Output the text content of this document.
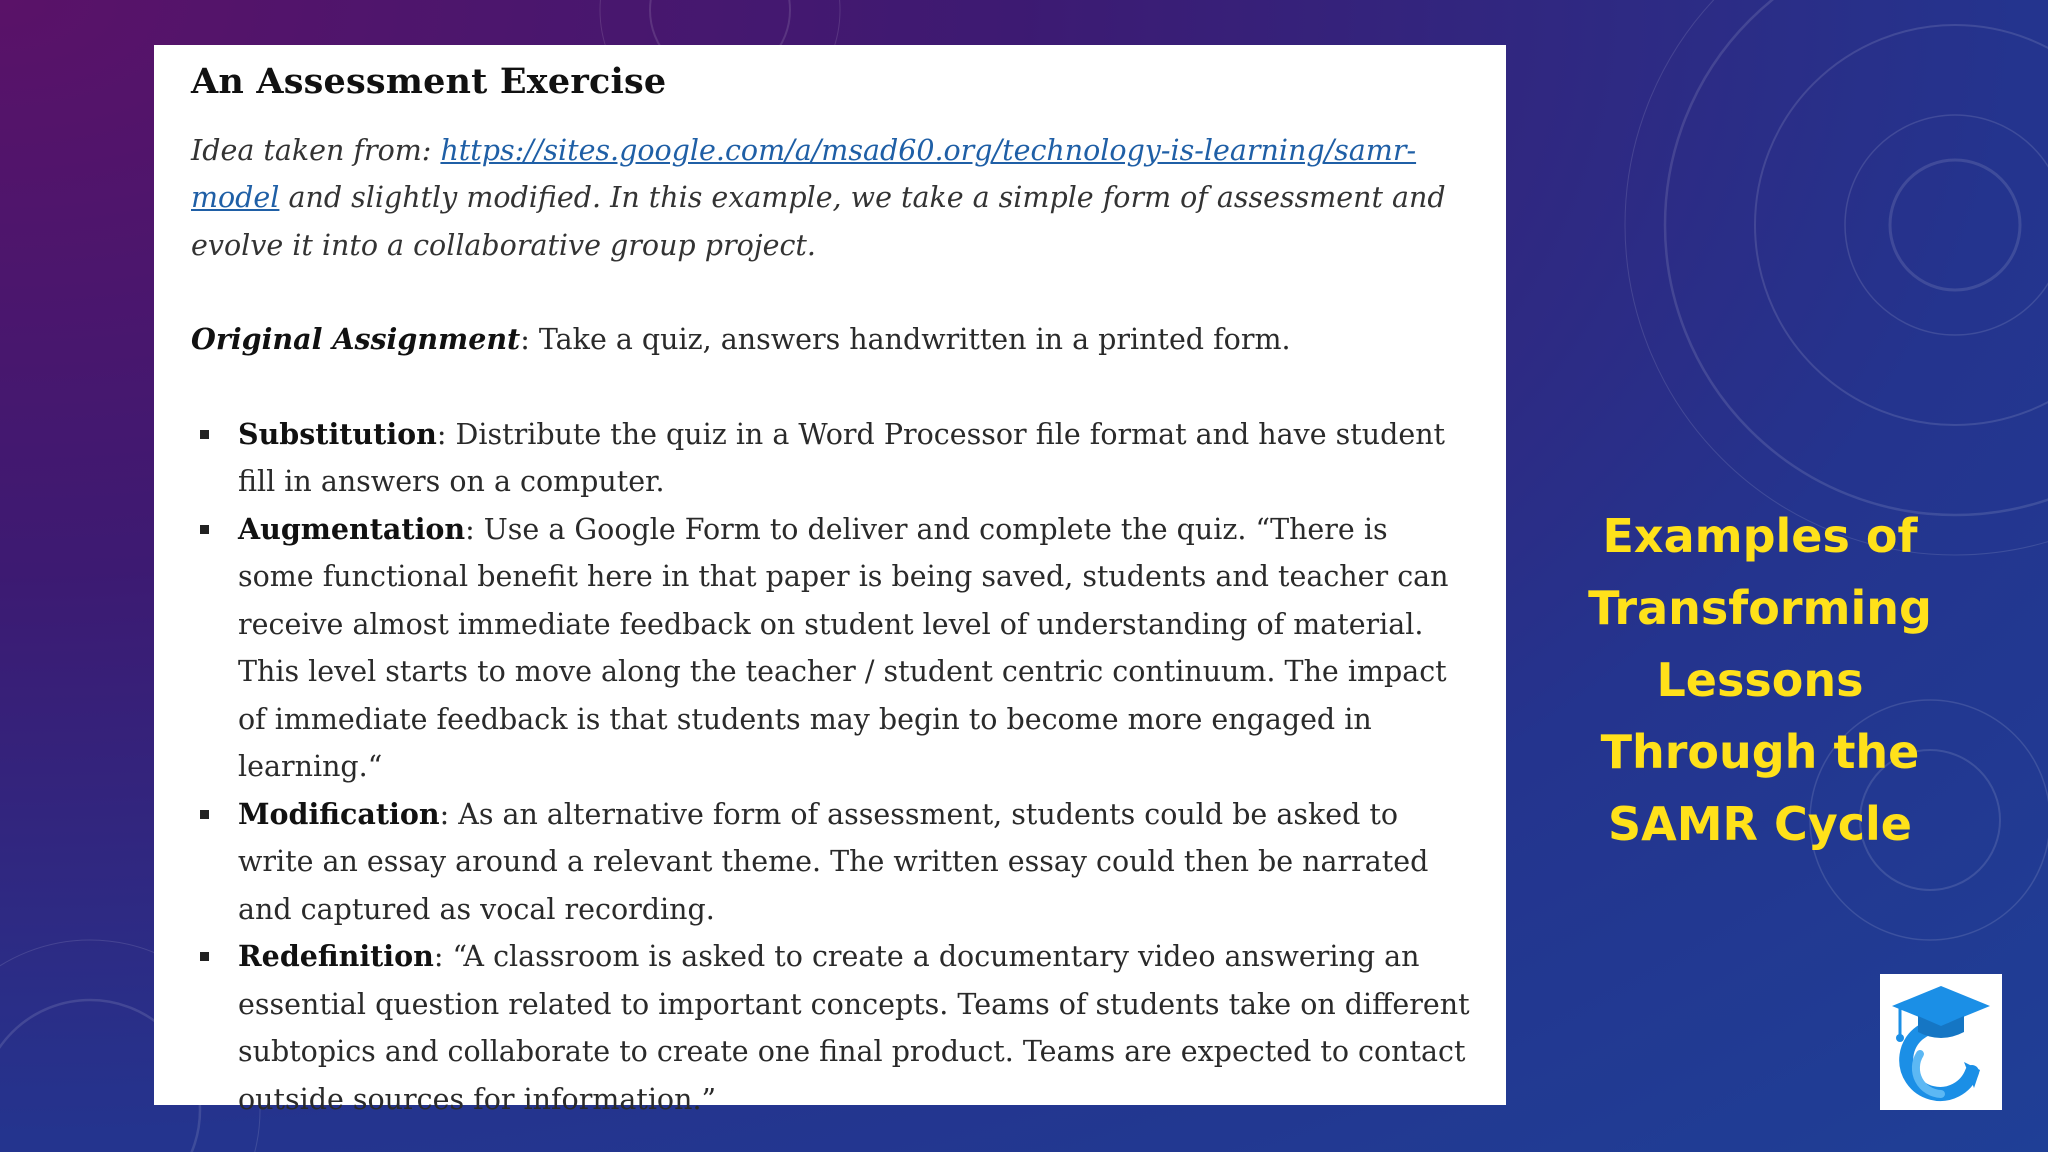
An Assessment Exercise

Idea taken from: https://sites.google.com/a/msad60.org/technology-is-learning/samr-model and slightly modified. In this example, we take a simple form of assessment and evolve it into a collaborative group project.

Original Assignment: Take a quiz, answers handwritten in a printed form.

Substitution: Distribute the quiz in a Word Processor file format and have student fill in answers on a computer.
Augmentation: Use a Google Form to deliver and complete the quiz. “There is some functional benefit here in that paper is being saved, students and teacher can receive almost immediate feedback on student level of understanding of material. This level starts to move along the teacher / student centric continuum. The impact of immediate feedback is that students may begin to become more engaged in learning.“
Modification: As an alternative form of assessment, students could be asked to write an essay around a relevant theme. The written essay could then be narrated and captured as vocal recording.
Redefinition: “A classroom is asked to create a documentary video answering an essential question related to important concepts. Teams of students take on different subtopics and collaborate to create one final product. Teams are expected to contact outside sources for information.”
Examples of
Transforming
Lessons
Through the
SAMR Cycle
